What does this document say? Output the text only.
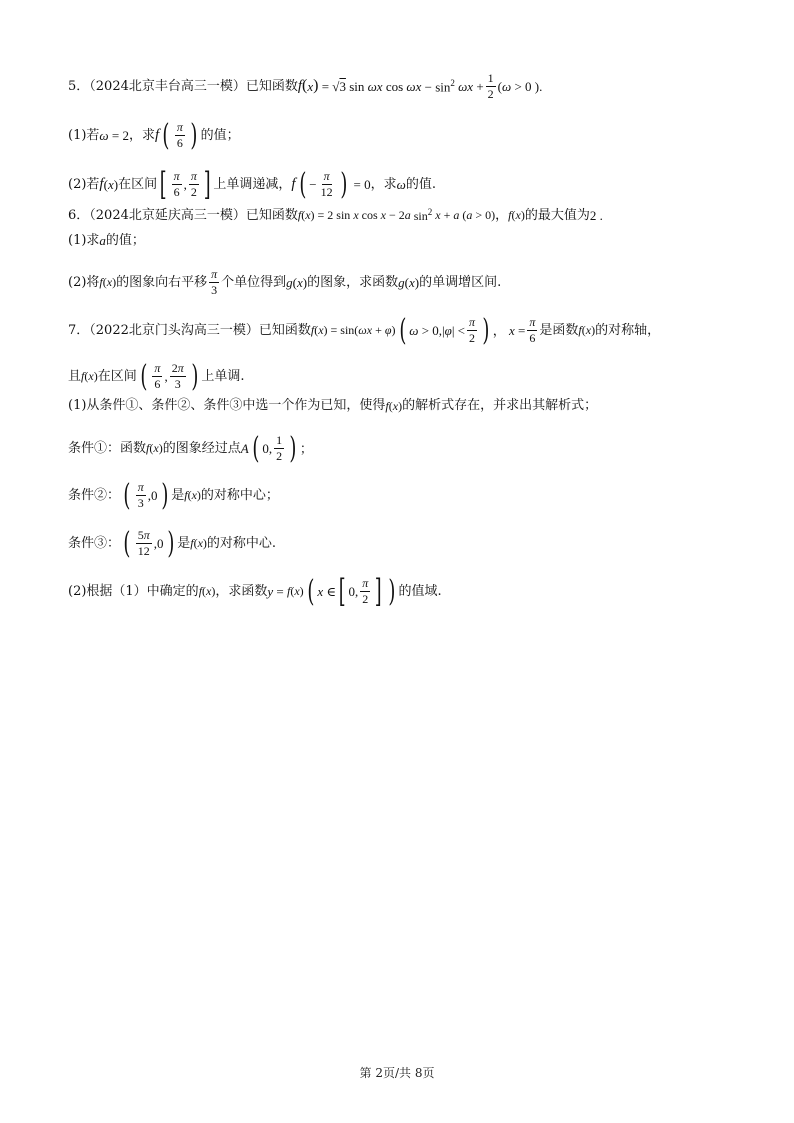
5．（2024北京丰台高三一模）已知函数 f ( x ) = √3 sin ωx $\cos \omega x - \sin^2 \omega x + \frac{1}{2}$ ( ω > 0 ).
(1)若 ω = 2 ，求 f ( $\frac{\pi}{6}$ ) 的值；
(2)若 f ( x ) 在区间 [ $\frac{\pi}{6}$ , $\frac{\pi}{2}$ ] 上单调递减， f ( − $\frac{\pi}{12}$ ) = 0 ，求 ω 的值.
6．（2024北京延庆高三一模）已知函数 f ( x ) = 2 sin x cos x − 2 a $\sin^2 x + a$ ( a > 0) ， f ( x ) 的最大值为 2 .
(1)求 a 的值；
(2)将 f ( x ) 的图象向右平移 $\frac{\pi}{3}$ 个单位得到 g ( x ) 的图象，求函数 g ( x ) 的单调增区间.
7．（2022北京门头沟高三一模）已知函数 f ( x ) = sin( ωx + φ ) ( ω > 0,| φ | < $\frac{\pi}{2}$ ) ， $x = \frac{\pi}{6}$ 是函数 f ( x ) 的对称轴，
且 f ( x ) 在区间 ( $\frac{\pi}{6}$ , $\frac{2\pi}{3}$ ) 上单调.
(1)从条件①、条件②、条件③中选一个作为已知，使得 f ( x ) 的解析式存在，并求出其解析式；
条件①：函数 f ( x ) 的图象经过点 A ( 0, $\frac{1}{2}$ ) ；
条件②： ( $\frac{\pi}{3} ,0$ ) 是 f ( x ) 的对称中心；
条件③： ( $\frac{5\pi}{12} ,0$ ) 是 f ( x ) 的对称中心.
(2)根据（1）中确定的 f ( x ) ，求函数 y = f ( x ) ( x ∈ [ 0, $\frac{\pi}{2}$ ] ) 的值域.
第 2页/共 8页
